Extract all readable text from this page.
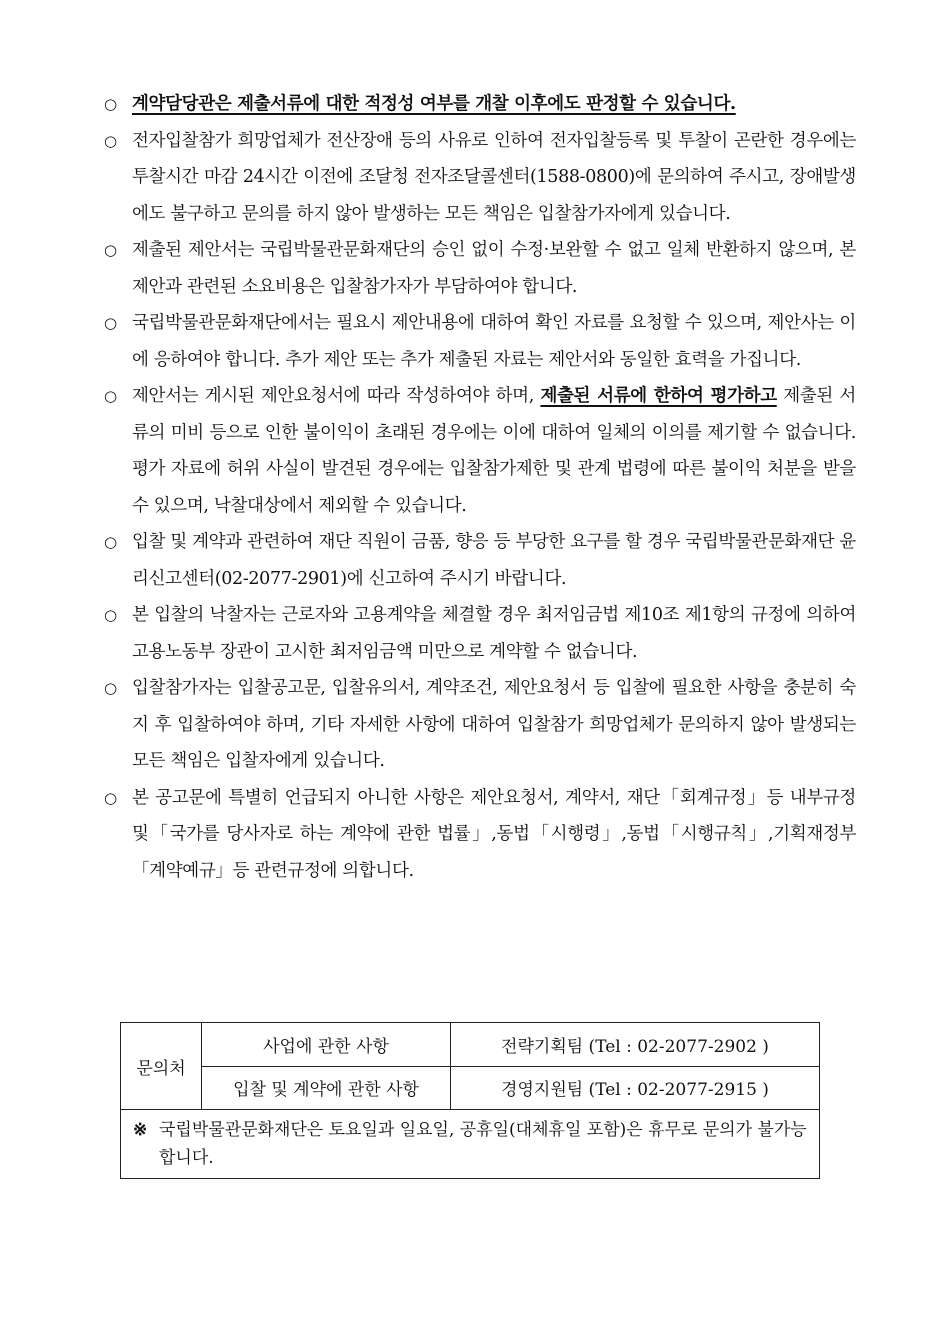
○ 계약담당관은 제출서류에 대한 적정성 여부를 개찰 이후에도 판정할 수 있습니다.
○ 전자입찰참가 희망업체가 전산장애 등의 사유로 인하여 전자입찰등록 및 투찰이 곤란한 경우에는 투찰시간 마감 24시간 이전에 조달청 전자조달콜센터(1588-0800)에 문의하여 주시고, 장애발생에도 불구하고 문의를 하지 않아 발생하는 모든 책임은 입찰참가자에게 있습니다.
○ 제출된 제안서는 국립박물관문화재단의 승인 없이 수정·보완할 수 없고 일체 반환하지 않으며, 본 제안과 관련된 소요비용은 입찰참가자가 부담하여야 합니다.
○ 국립박물관문화재단에서는 필요시 제안내용에 대하여 확인 자료를 요청할 수 있으며, 제안사는 이에 응하여야 합니다. 추가 제안 또는 추가 제출된 자료는 제안서와 동일한 효력을 가집니다.
○ 제안서는 게시된 제안요청서에 따라 작성하여야 하며, 제출된 서류에 한하여 평가하고 제출된 서류의 미비 등으로 인한 불이익이 초래된 경우에는 이에 대하여 일체의 이의를 제기할 수 없습니다. 평가 자료에 허위 사실이 발견된 경우에는 입찰참가제한 및 관계 법령에 따른 불이익 처분을 받을 수 있으며, 낙찰대상에서 제외할 수 있습니다.
○ 입찰 및 계약과 관련하여 재단 직원이 금품, 향응 등 부당한 요구를 할 경우 국립박물관문화재단 윤리신고센터(02-2077-2901)에 신고하여 주시기 바랍니다.
○ 본 입찰의 낙찰자는 근로자와 고용계약을 체결할 경우 최저임금법 제10조 제1항의 규정에 의하여 고용노동부 장관이 고시한 최저임금액 미만으로 계약할 수 없습니다.
○ 입찰참가자는 입찰공고문, 입찰유의서, 계약조건, 제안요청서 등 입찰에 필요한 사항을 충분히 숙지 후 입찰하여야 하며, 기타 자세한 사항에 대하여 입찰참가 희망업체가 문의하지 않아 발생되는 모든 책임은 입찰자에게 있습니다.
○ 본 공고문에 특별히 언급되지 아니한 사항은 제안요청서, 계약서, 재단「회계규정」등 내부규정 및「국가를 당사자로 하는 계약에 관한 법률」,동법「시행령」,동법「시행규칙」,기획재정부「계약예규」등 관련규정에 의합니다.
문의처	사업에 관한 사항	전략기획팀 (Tel : 02-2077-2902 )
	입찰 및 계약에 관한 사항	경영지원팀 (Tel : 02-2077-2915 )

※ 국립박물관문화재단은 토요일과 일요일, 공휴일(대체휴일 포함)은 휴무로 문의가 불가능합니다.		
